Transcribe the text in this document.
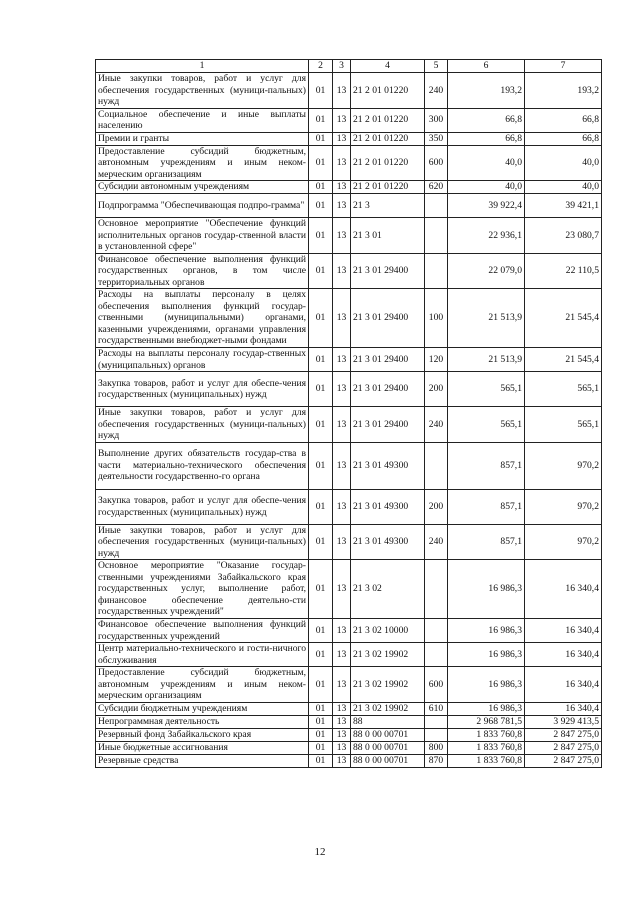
1	2	3	4	5	6	7
Иные закупки товаров, работ и услуг для обеспечения государственных (муници-пальных) нужд	01	13	21 2 01 01220	240	193,2	193,2
Социальное обеспечение и иные выплаты населению	01	13	21 2 01 01220	300	66,8	66,8
Премии и гранты	01	13	21 2 01 01220	350	66,8	66,8
Предоставление субсидий бюджетным, автономным учреждениям и иным неком-мерческим организациям	01	13	21 2 01 01220	600	40,0	40,0
Субсидии автономным учреждениям	01	13	21 2 01 01220	620	40,0	40,0
Подпрограмма "Обеспечивающая подпро-грамма"	01	13	21 3		39 922,4	39 421,1
Основное мероприятие "Обеспечение функций исполнительных органов государ-ственной власти в установленной сфере"	01	13	21 3 01		22 936,1	23 080,7
Финансовое обеспечение выполнения функций государственных органов, в том числе территориальных органов	01	13	21 3 01 29400		22 079,0	22 110,5
Расходы на выплаты персоналу в целях обеспечения выполнения функций государ-ственными (муниципальными) органами, казенными учреждениями, органами управления государственными внебюджет-ными фондами	01	13	21 3 01 29400	100	21 513,9	21 545,4
Расходы на выплаты персоналу государ-ственных (муниципальных) органов	01	13	21 3 01 29400	120	21 513,9	21 545,4
Закупка товаров, работ и услуг для обеспе-чения государственных (муниципальных) нужд	01	13	21 3 01 29400	200	565,1	565,1
Иные закупки товаров, работ и услуг для обеспечения государственных (муници-пальных) нужд	01	13	21 3 01 29400	240	565,1	565,1
Выполнение других обязательств государ-ства в части материально-технического обеспечения деятельности государственно-го органа	01	13	21 3 01 49300		857,1	970,2
Закупка товаров, работ и услуг для обеспе-чения государственных (муниципальных) нужд	01	13	21 3 01 49300	200	857,1	970,2
Иные закупки товаров, работ и услуг для обеспечения государственных (муници-пальных) нужд	01	13	21 3 01 49300	240	857,1	970,2
Основное мероприятие "Оказание государ-ственными учреждениями Забайкальского края государственных услуг, выполнение работ, финансовое обеспечение деятельно-сти государственных учреждений"	01	13	21 3 02		16 986,3	16 340,4
Финансовое обеспечение выполнения функций государственных учреждений	01	13	21 3 02 10000		16 986,3	16 340,4
Центр материально-технического и гости-ничного обслуживания	01	13	21 3 02 19902		16 986,3	16 340,4
Предоставление субсидий бюджетным, автономным учреждениям и иным неком-мерческим организациям	01	13	21 3 02 19902	600	16 986,3	16 340,4
Субсидии бюджетным учреждениям	01	13	21 3 02 19902	610	16 986,3	16 340,4
Непрограммная деятельность	01	13	88		2 968 781,5	3 929 413,5
Резервный фонд Забайкальского края	01	13	88 0 00 00701		1 833 760,8	2 847 275,0
Иные бюджетные ассигнования	01	13	88 0 00 00701	800	1 833 760,8	2 847 275,0
Резервные средства	01	13	88 0 00 00701	870	1 833 760,8	2 847 275,0
12
